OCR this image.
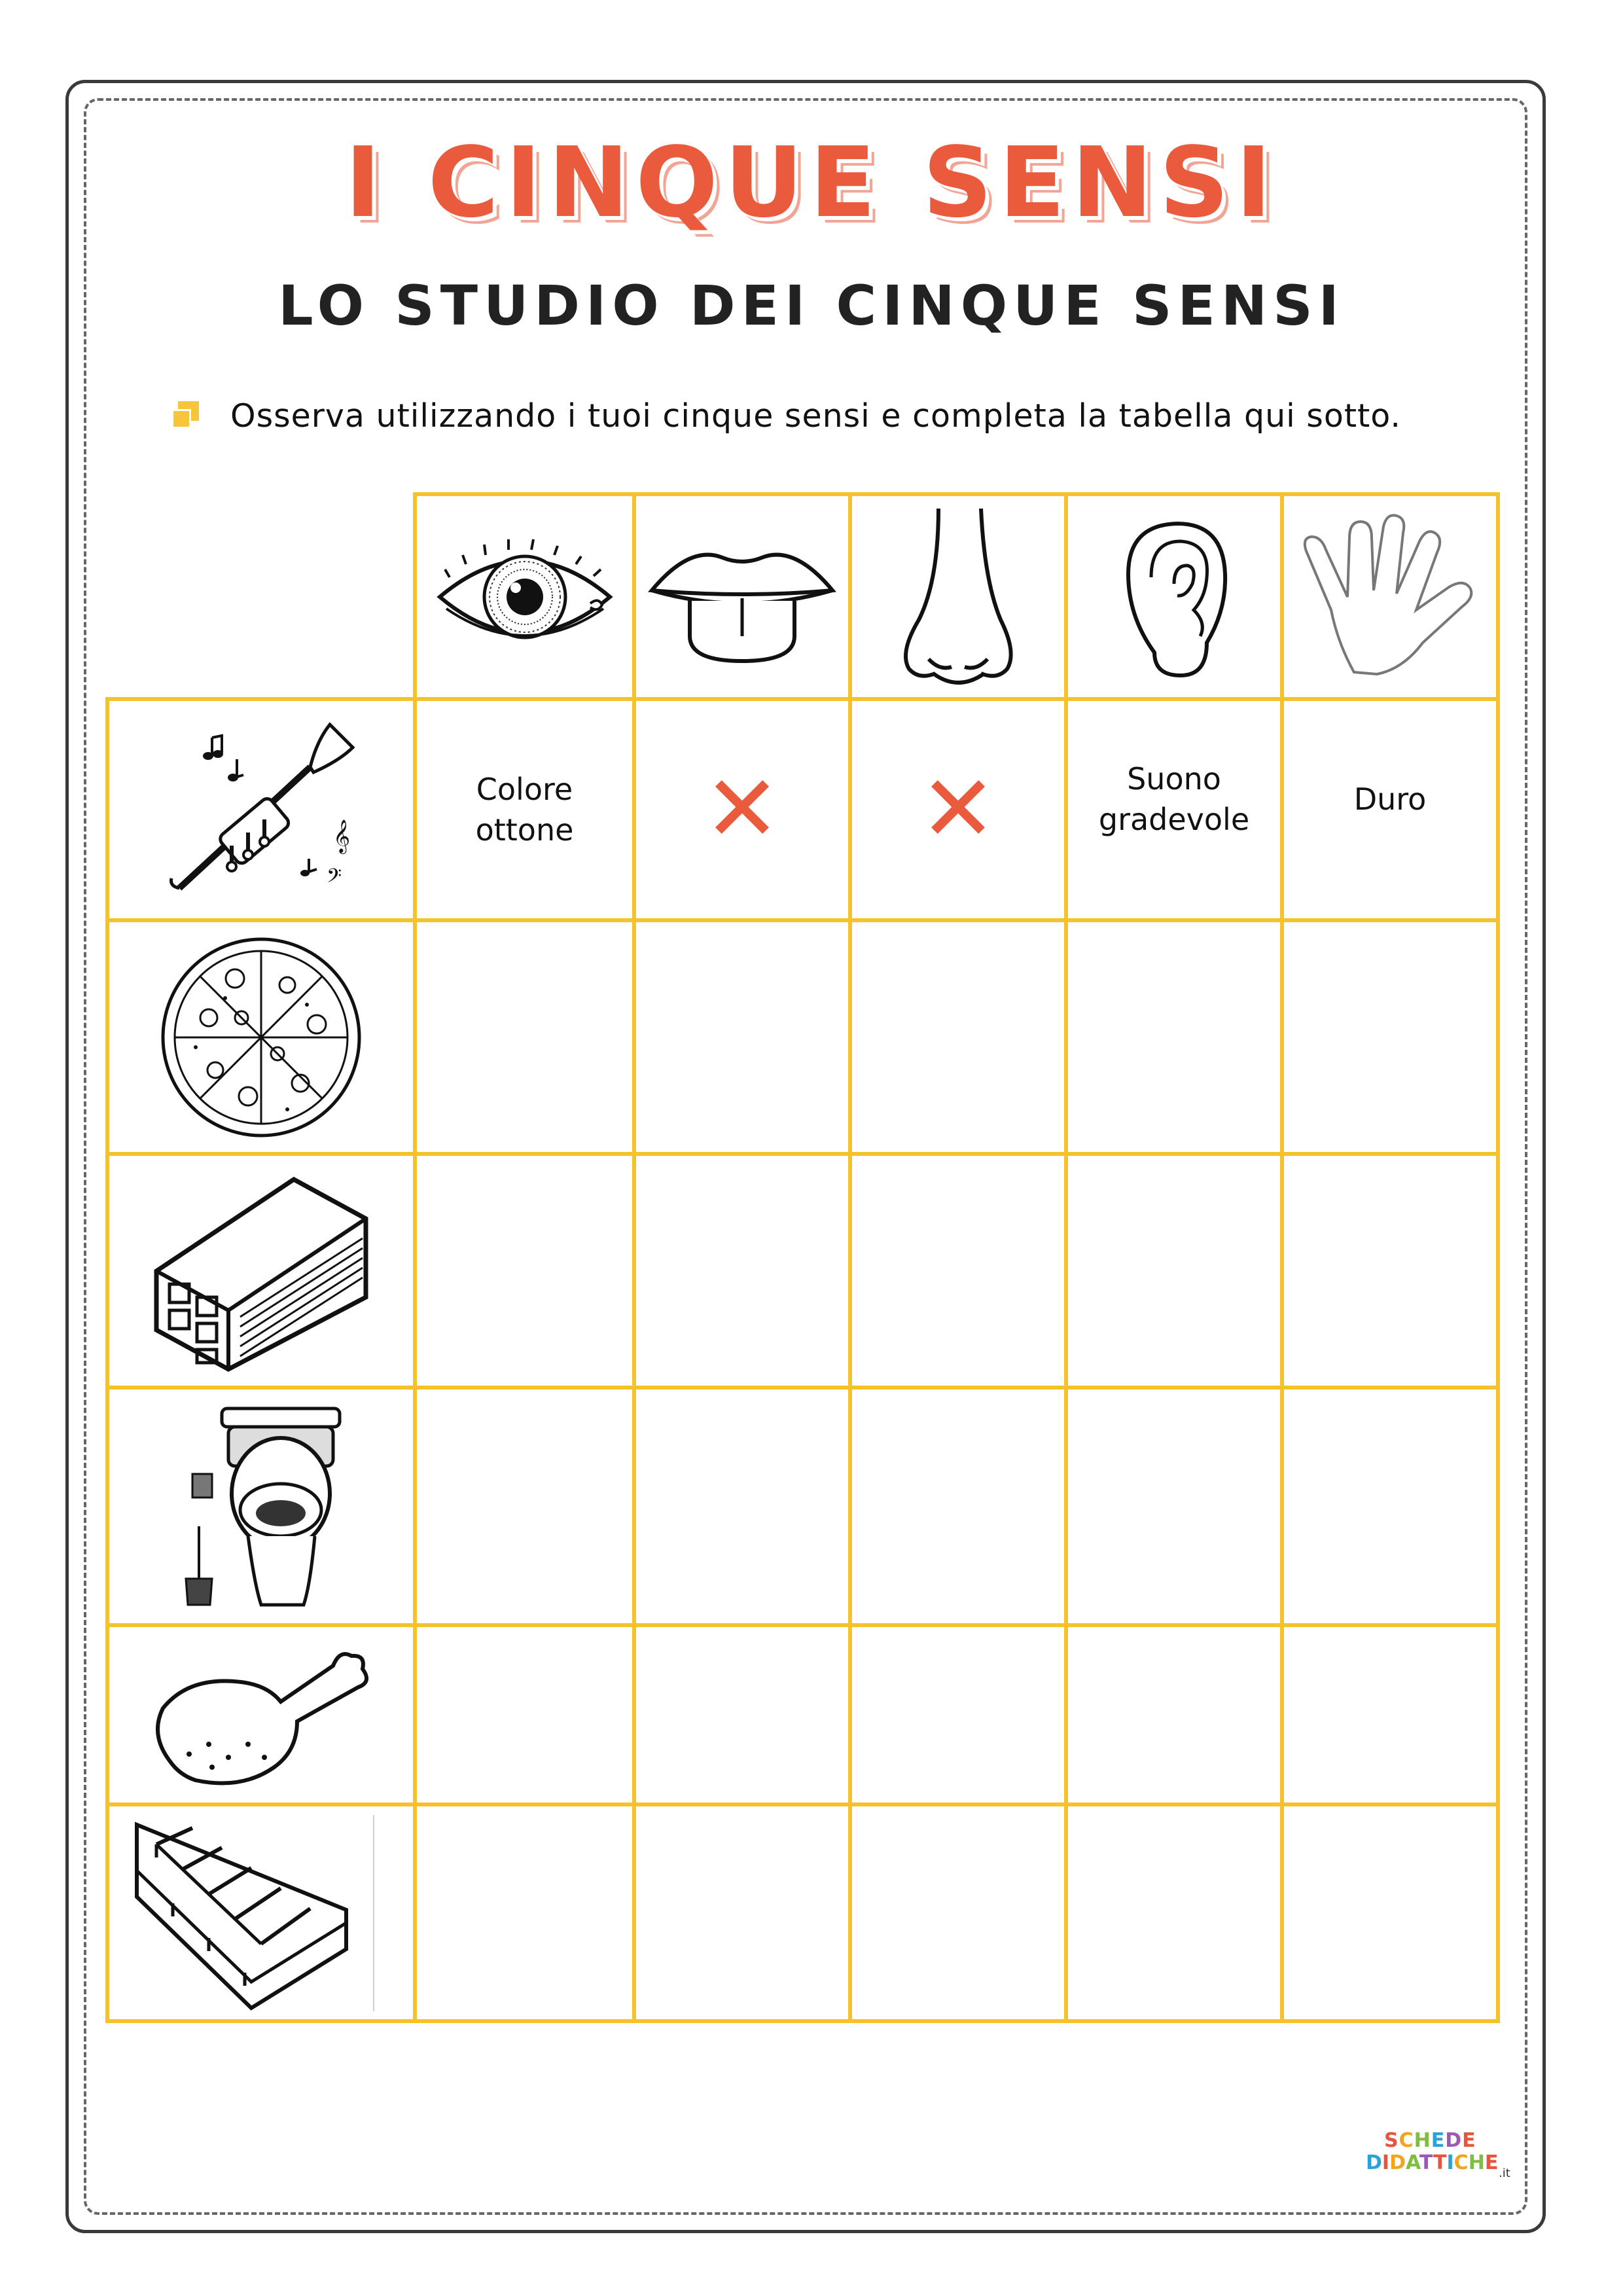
I CINQUE SENSI
LO STUDIO DEI CINQUE SENSI
Osserva utilizzando i tuoi cinque sensi e completa la tabella qui sotto.

𝄞
𝄢	Colore ottone	✕	✕	Suono gradevole	Duro

SCHEDE
DIDATTICHE .it
